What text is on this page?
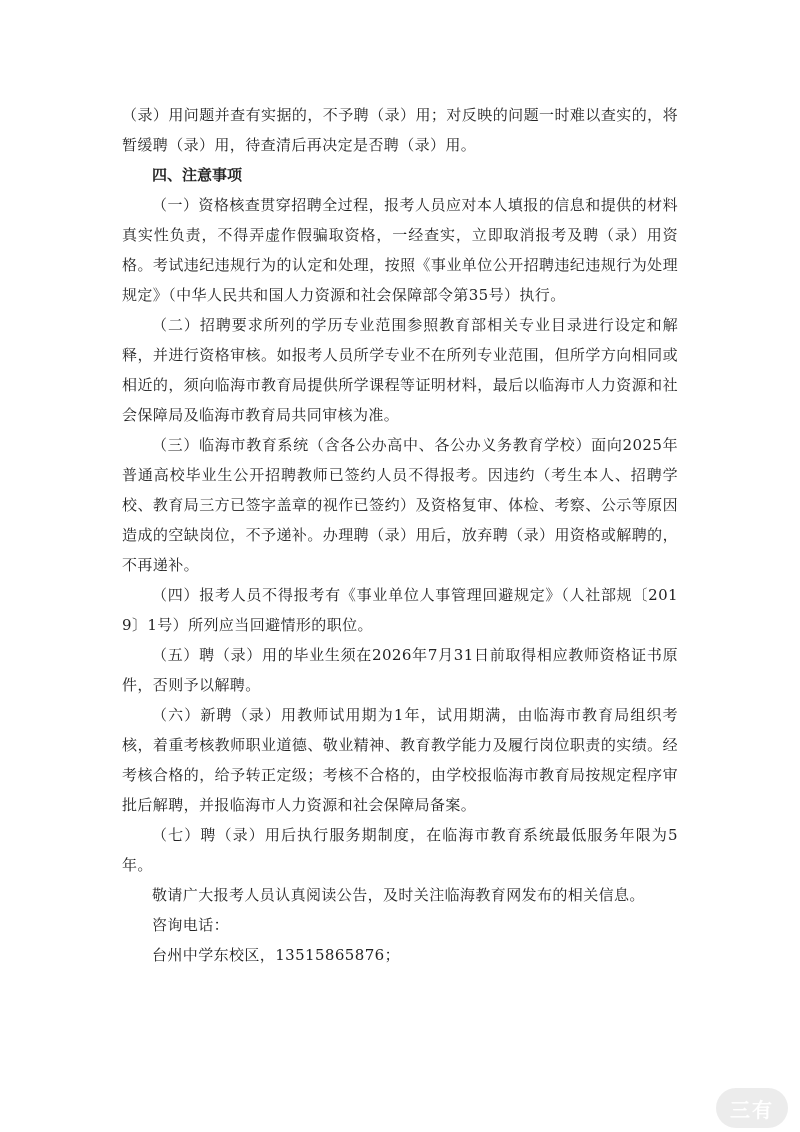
（录）用问题并查有实据的，不予聘（录）用；对反映的问题一时难以查实的，将暂缓聘（录）用，待查清后再决定是否聘（录）用。

四、注意事项

（一）资格核查贯穿招聘全过程，报考人员应对本人填报的信息和提供的材料真实性负责，不得弄虚作假骗取资格，一经查实，立即取消报考及聘（录）用资格。考试违纪违规行为的认定和处理，按照《事业单位公开招聘违纪违规行为处理规定》（中华人民共和国人力资源和社会保障部令第35号）执行。

（二）招聘要求所列的学历专业范围参照教育部相关专业目录进行设定和解释，并进行资格审核。如报考人员所学专业不在所列专业范围，但所学方向相同或相近的，须向临海市教育局提供所学课程等证明材料，最后以临海市人力资源和社会保障局及临海市教育局共同审核为准。

（三）临海市教育系统（含各公办高中、各公办义务教育学校）面向2025年普通高校毕业生公开招聘教师已签约人员不得报考。因违约（考生本人、招聘学校、教育局三方已签字盖章的视作已签约）及资格复审、体检、考察、公示等原因造成的空缺岗位，不予递补。办理聘（录）用后，放弃聘（录）用资格或解聘的，不再递补。

（四）报考人员不得报考有《事业单位人事管理回避规定》（人社部规〔2019〕1号）所列应当回避情形的职位。

（五）聘（录）用的毕业生须在2026年7月31日前取得相应教师资格证书原件，否则予以解聘。

（六）新聘（录）用教师试用期为1年，试用期满，由临海市教育局组织考核，着重考核教师职业道德、敬业精神、教育教学能力及履行岗位职责的实绩。经考核合格的，给予转正定级；考核不合格的，由学校报临海市教育局按规定程序审批后解聘，并报临海市人力资源和社会保障局备案。

（七）聘（录）用后执行服务期制度，在临海市教育系统最低服务年限为5年。

敬请广大报考人员认真阅读公告，及时关注临海教育网发布的相关信息。

咨询电话：

台州中学东校区，13515865876；

三有
